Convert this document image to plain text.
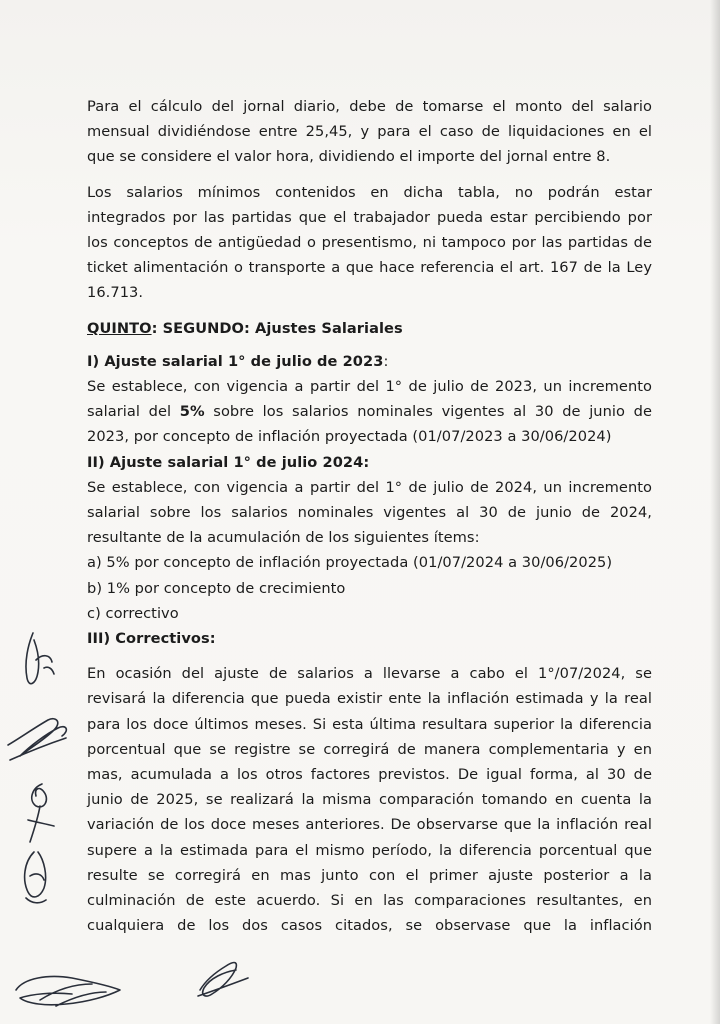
Para el cálculo del jornal diario, debe de tomarse el monto del salario
mensual dividiéndose entre 25,45, y para el caso de liquidaciones en el
que se considere el valor hora, dividiendo el importe del jornal entre 8.

Los salarios mínimos contenidos en dicha tabla, no podrán estar
integrados por las partidas que el trabajador pueda estar percibiendo por
los conceptos de antigüedad o presentismo, ni tampoco por las partidas de
ticket alimentación o transporte a que hace referencia el art. 167 de la Ley
16.713.

QUINTO: SEGUNDO: Ajustes Salariales
I) Ajuste salarial 1° de julio de 2023:
Se establece, con vigencia a partir del 1° de julio de 2023, un incremento
salarial del 5% sobre los salarios nominales vigentes al 30 de junio de
2023, por concepto de inflación proyectada (01/07/2023 a 30/06/2024)
II) Ajuste salarial 1° de julio 2024:
Se establece, con vigencia a partir del 1° de julio de 2024, un incremento
salarial sobre los salarios nominales vigentes al 30 de junio de 2024,
resultante de la acumulación de los siguientes ítems:
a) 5% por concepto de inflación proyectada (01/07/2024 a 30/06/2025)
b) 1% por concepto de crecimiento
c) correctivo
III) Correctivos:
En ocasión del ajuste de salarios a llevarse a cabo el 1°/07/2024, se
revisará la diferencia que pueda existir ente la inflación estimada y la real
para los doce últimos meses. Si esta última resultara superior la diferencia
porcentual que se registre se corregirá de manera complementaria y en
mas, acumulada a los otros factores previstos. De igual forma, al 30 de
junio de 2025, se realizará la misma comparación tomando en cuenta la
variación de los doce meses anteriores. De observarse que la inflación real
supere a la estimada para el mismo período, la diferencia porcentual que
resulte se corregirá en mas junto con el primer ajuste posterior a la
culminación de este acuerdo. Si en las comparaciones resultantes, en
cualquiera de los dos casos citados, se observase que la inflación
